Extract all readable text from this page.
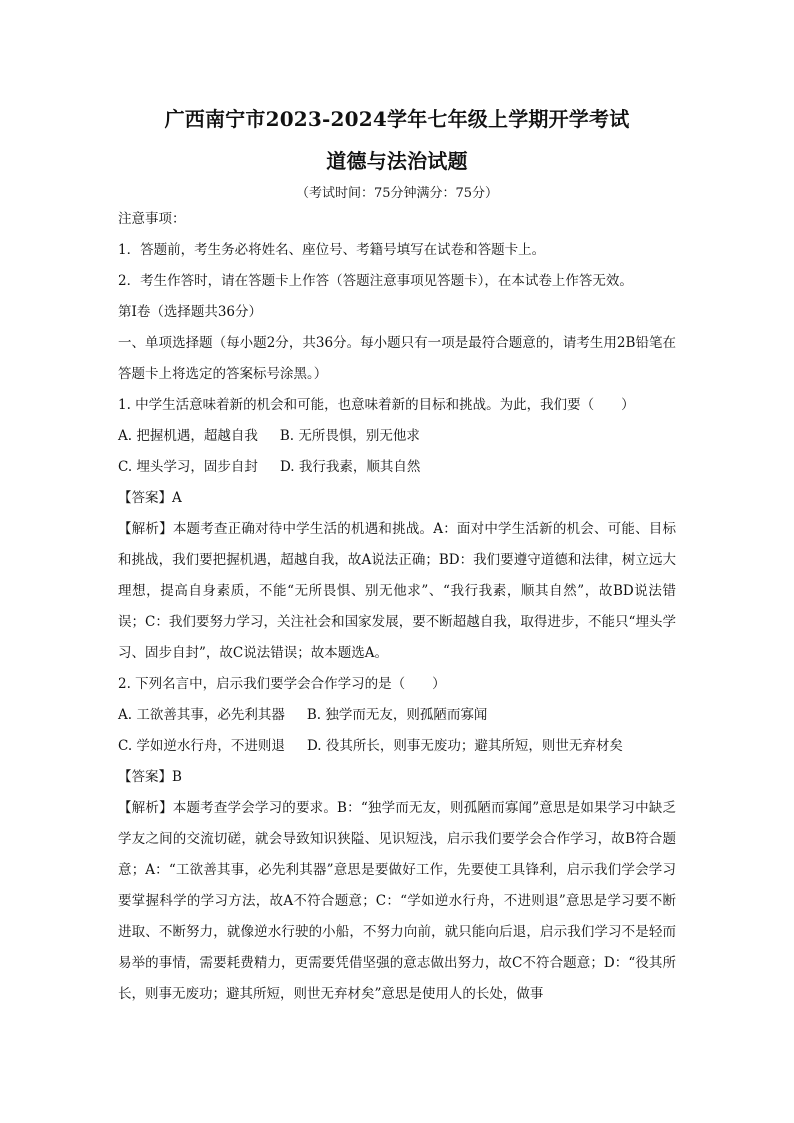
广西南宁市2023-2024学年七年级上学期开学考试
道德与法治试题
（考试时间：75分钟满分：75分）

注意事项：

1．答题前，考生务必将姓名、座位号、考籍号填写在试卷和答题卡上。

2．考生作答时，请在答题卡上作答（答题注意事项见答题卡），在本试卷上作答无效。

第I卷（选择题共36分）

一、单项选择题（每小题2分，共36分。每小题只有一项是最符合题意的，请考生用2B铅笔在答题卡上将选定的答案标号涂黑。）

1. 中学生活意味着新的机会和可能，也意味着新的目标和挑战。为此，我们要（　　）

A. 把握机遇，超越自我 B. 无所畏惧，别无他求

C. 埋头学习，固步自封 D. 我行我素，顺其自然

【答案】A

【解析】本题考查正确对待中学生活的机遇和挑战。A：面对中学生活新的机会、可能、目标和挑战，我们要把握机遇，超越自我，故A说法正确；BD：我们要遵守道德和法律，树立远大理想，提高自身素质，不能“无所畏惧、别无他求”、“我行我素，顺其自然”，故BD说法错误；C：我们要努力学习，关注社会和国家发展，要不断超越自我，取得进步，不能只“埋头学习、固步自封”，故C说法错误；故本题选A。

2. 下列名言中，启示我们要学会合作学习的是（　　）

A. 工欲善其事，必先利其器 B. 独学而无友，则孤陋而寡闻

C. 学如逆水行舟，不进则退 D. 役其所长，则事无废功；避其所短，则世无弃材矣

【答案】B

【解析】本题考查学会学习的要求。B：“独学而无友，则孤陋而寡闻”意思是如果学习中缺乏学友之间的交流切磋，就会导致知识狭隘、见识短浅，启示我们要学会合作学习，故B符合题意；A：“工欲善其事，必先利其器”意思是要做好工作，先要使工具锋利，启示我们学会学习要掌握科学的学习方法，故A不符合题意；C：“学如逆水行舟，不进则退”意思是学习要不断进取、不断努力，就像逆水行驶的小船，不努力向前，就只能向后退，启示我们学习不是轻而易举的事情，需要耗费精力，更需要凭借坚强的意志做出努力，故C不符合题意；D：“役其所长，则事无废功；避其所短，则世无弃材矣”意思是使用人的长处，做事
